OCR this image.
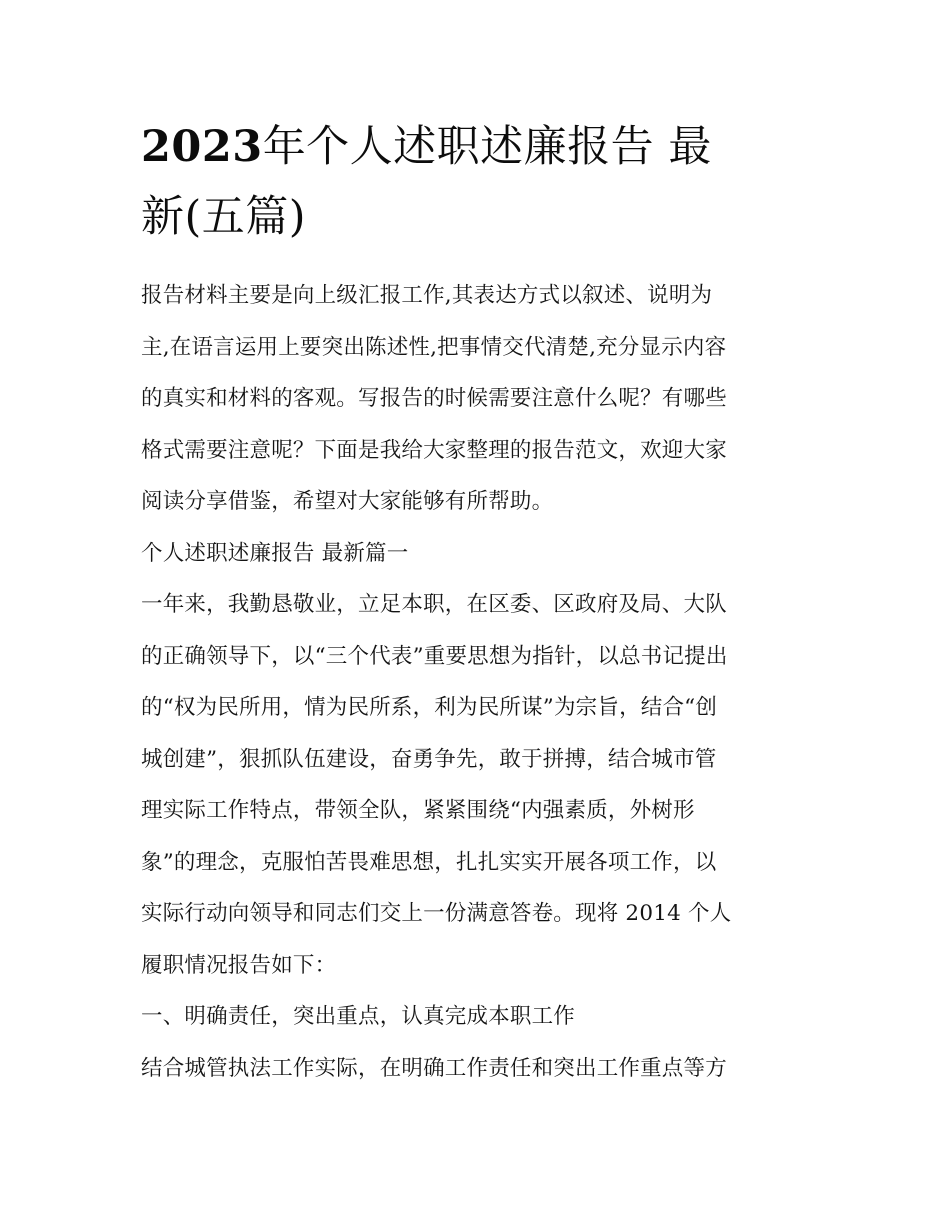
2023年个人述职述廉报告 最
新(五篇)

报告材料主要是向上级汇报工作,其表达方式以叙述、说明为
主,在语言运用上要突出陈述性,把事情交代清楚,充分显示内容
的真实和材料的客观。写报告的时候需要注意什么呢？有哪些
格式需要注意呢？下面是我给大家整理的报告范文，欢迎大家
阅读分享借鉴，希望对大家能够有所帮助。

个人述职述廉报告 最新篇一

一年来，我勤恳敬业，立足本职，在区委、区政府及局、大队
的正确领导下，以“三个代表”重要思想为指针，以总书记提出
的“权为民所用，情为民所系，利为民所谋”为宗旨，结合“创
城创建”，狠抓队伍建设，奋勇争先，敢于拼搏，结合城市管
理实际工作特点，带领全队，紧紧围绕“内强素质，外树形
象”的理念，克服怕苦畏难思想，扎扎实实开展各项工作，以
实际行动向领导和同志们交上一份满意答卷。现将 2014 个人
履职情况报告如下：

一、明确责任，突出重点，认真完成本职工作

结合城管执法工作实际，在明确工作责任和突出工作重点等方
